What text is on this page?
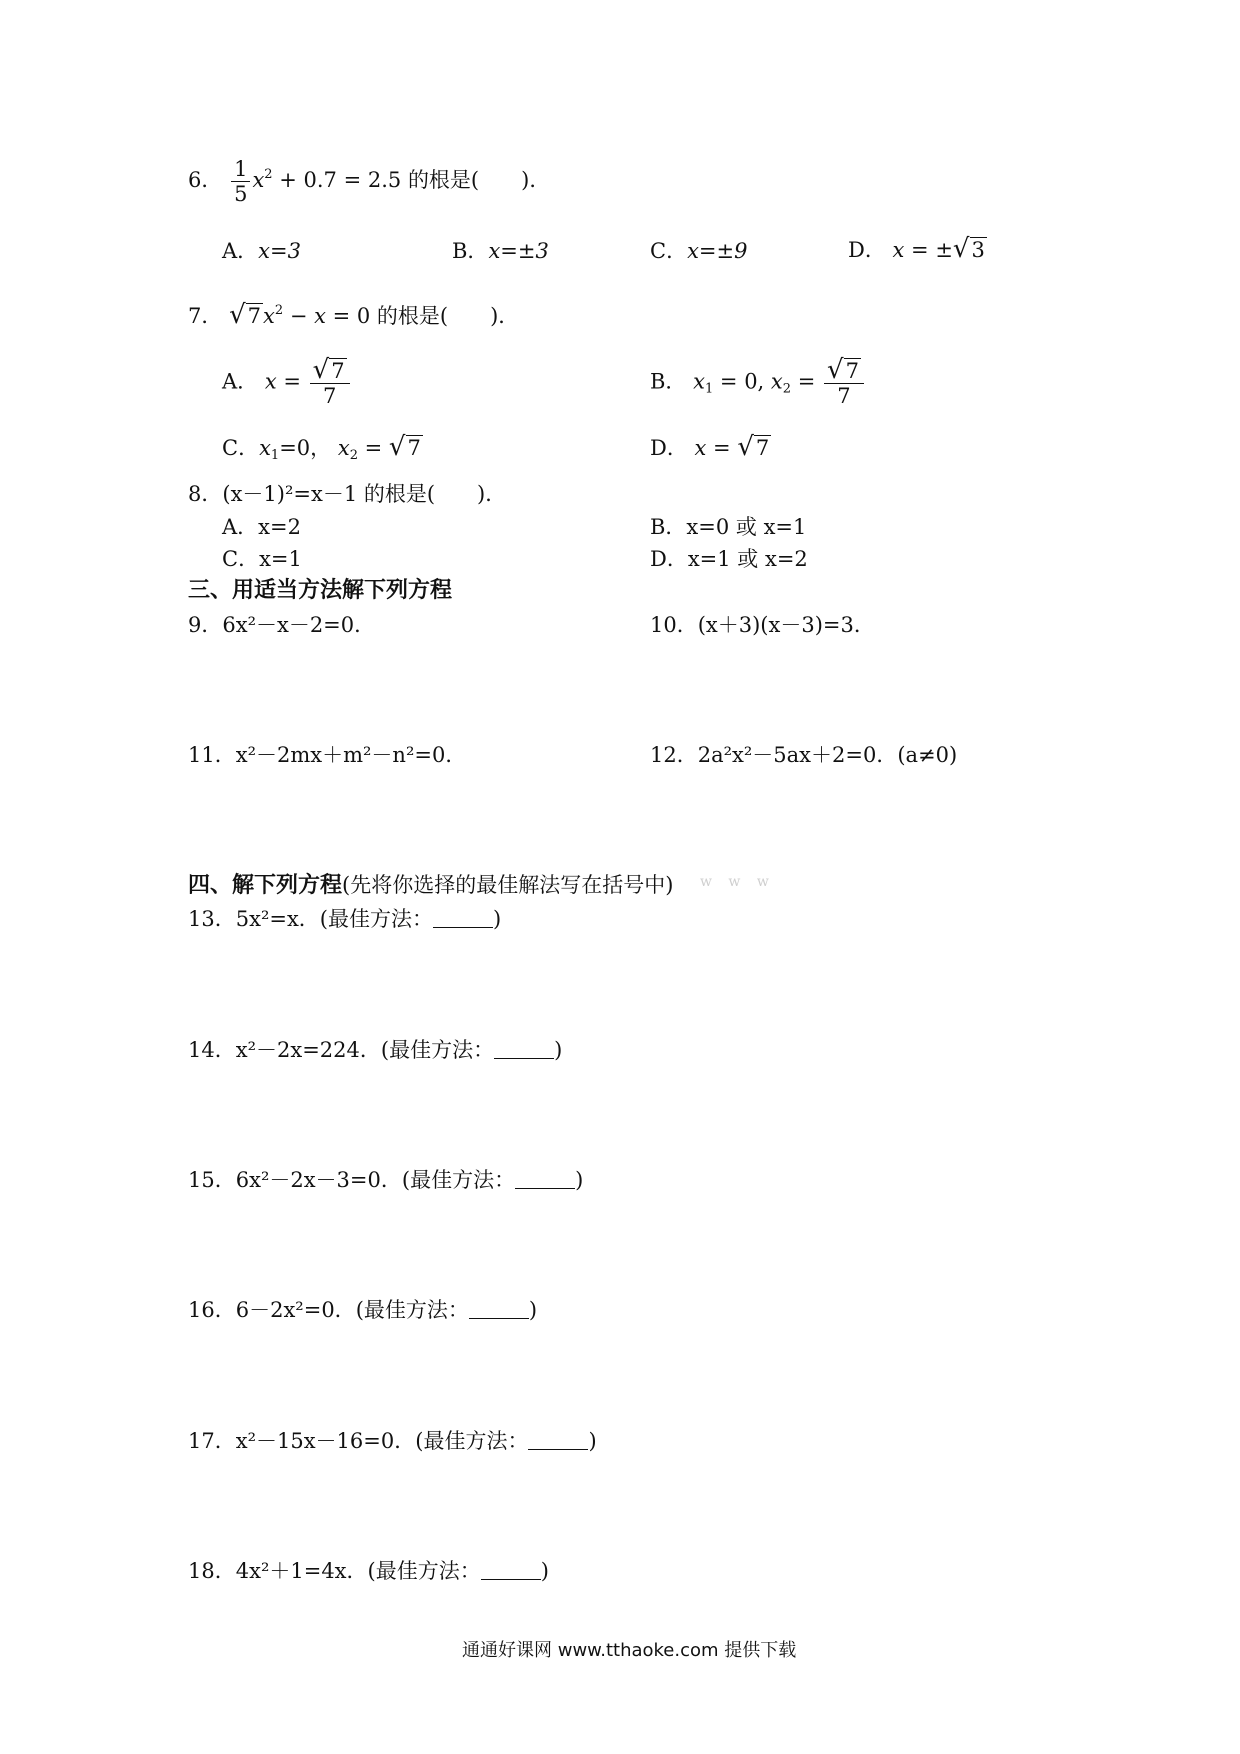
6． $\frac{1}{5} x^2 + 0.7 = 2.5$ 的根是(　　)．
A．x=3	B．x=±3	C．x=±9	D． x = ±√3
7． $√7x^2 - x = 0$ 的根是(　　)．
A． $x = \frac{√7}{7}$	B． $x_1 = 0$, $x_2 = \frac{√7}{7}$
C．$x_1=0$， $x_2 = √7$	D． x = √7
8．(x－1)²=x－1 的根是(　　)．
A．x=2	B．x=0 或 x=1
C．x=1	D．x=1 或 x=2
三、用适当方法解下列方程
9．6x²－x－2=0．	10．(x＋3)(x－3)=3．
11．x²－2mx＋m²－n²=0．	12．2a²x²－5ax＋2=0．(a≠0)
四、解下列方程(先将你选择的最佳解法写在括号中) w w w
13．5x²=x．(最佳方法：	)
14．x²－2x=224．(最佳方法：	)
15．6x²－2x－3=0．(最佳方法：	)
16．6－2x²=0．(最佳方法：	)
17．x²－15x－16=0．(最佳方法：	)
18．4x²＋1=4x．(最佳方法：	)
通通好课网 www.tthaoke.com 提供下载
